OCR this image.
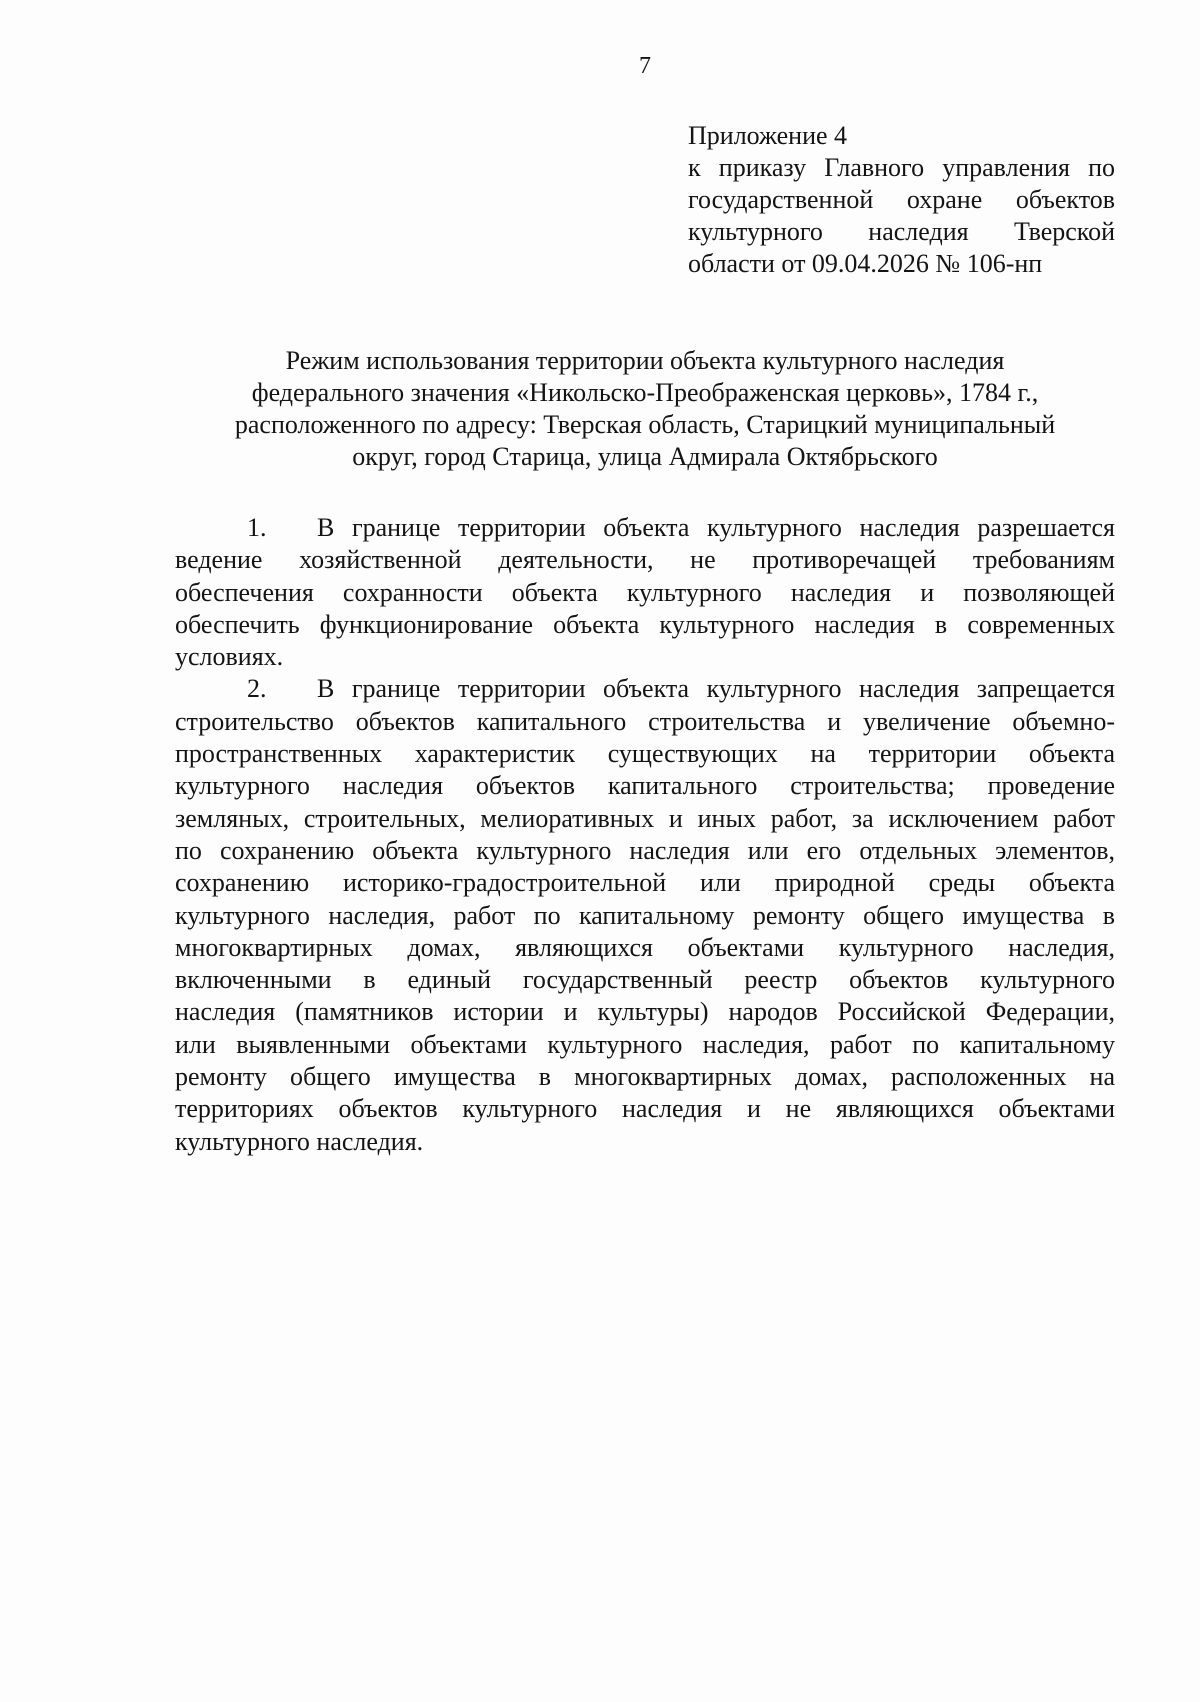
7
Приложение 4
к приказу Главного управления по
государственной охране объектов
культурного наследия Тверской
области от 09.04.2026 № 106-нп
Режим использования территории объекта культурного наследия
федерального значения «Никольско-Преображенская церковь», 1784 г.,
расположенного по адресу: Тверская область, Старицкий муниципальный
округ, город Старица, улица Адмирала Октябрьского
1. В границе территории объекта культурного наследия разрешается
ведение хозяйственной деятельности, не противоречащей требованиям
обеспечения сохранности объекта культурного наследия и позволяющей
обеспечить функционирование объекта культурного наследия в современных
условиях.
2. В границе территории объекта культурного наследия запрещается
строительство объектов капитального строительства и увеличение объемно-
пространственных характеристик существующих на территории объекта
культурного наследия объектов капитального строительства; проведение
земляных, строительных, мелиоративных и иных работ, за исключением работ
по сохранению объекта культурного наследия или его отдельных элементов,
сохранению историко-градостроительной или природной среды объекта
культурного наследия, работ по капитальному ремонту общего имущества в
многоквартирных домах, являющихся объектами культурного наследия,
включенными в единый государственный реестр объектов культурного
наследия (памятников истории и культуры) народов Российской Федерации,
или выявленными объектами культурного наследия, работ по капитальному
ремонту общего имущества в многоквартирных домах, расположенных на
территориях объектов культурного наследия и не являющихся объектами
культурного наследия.
